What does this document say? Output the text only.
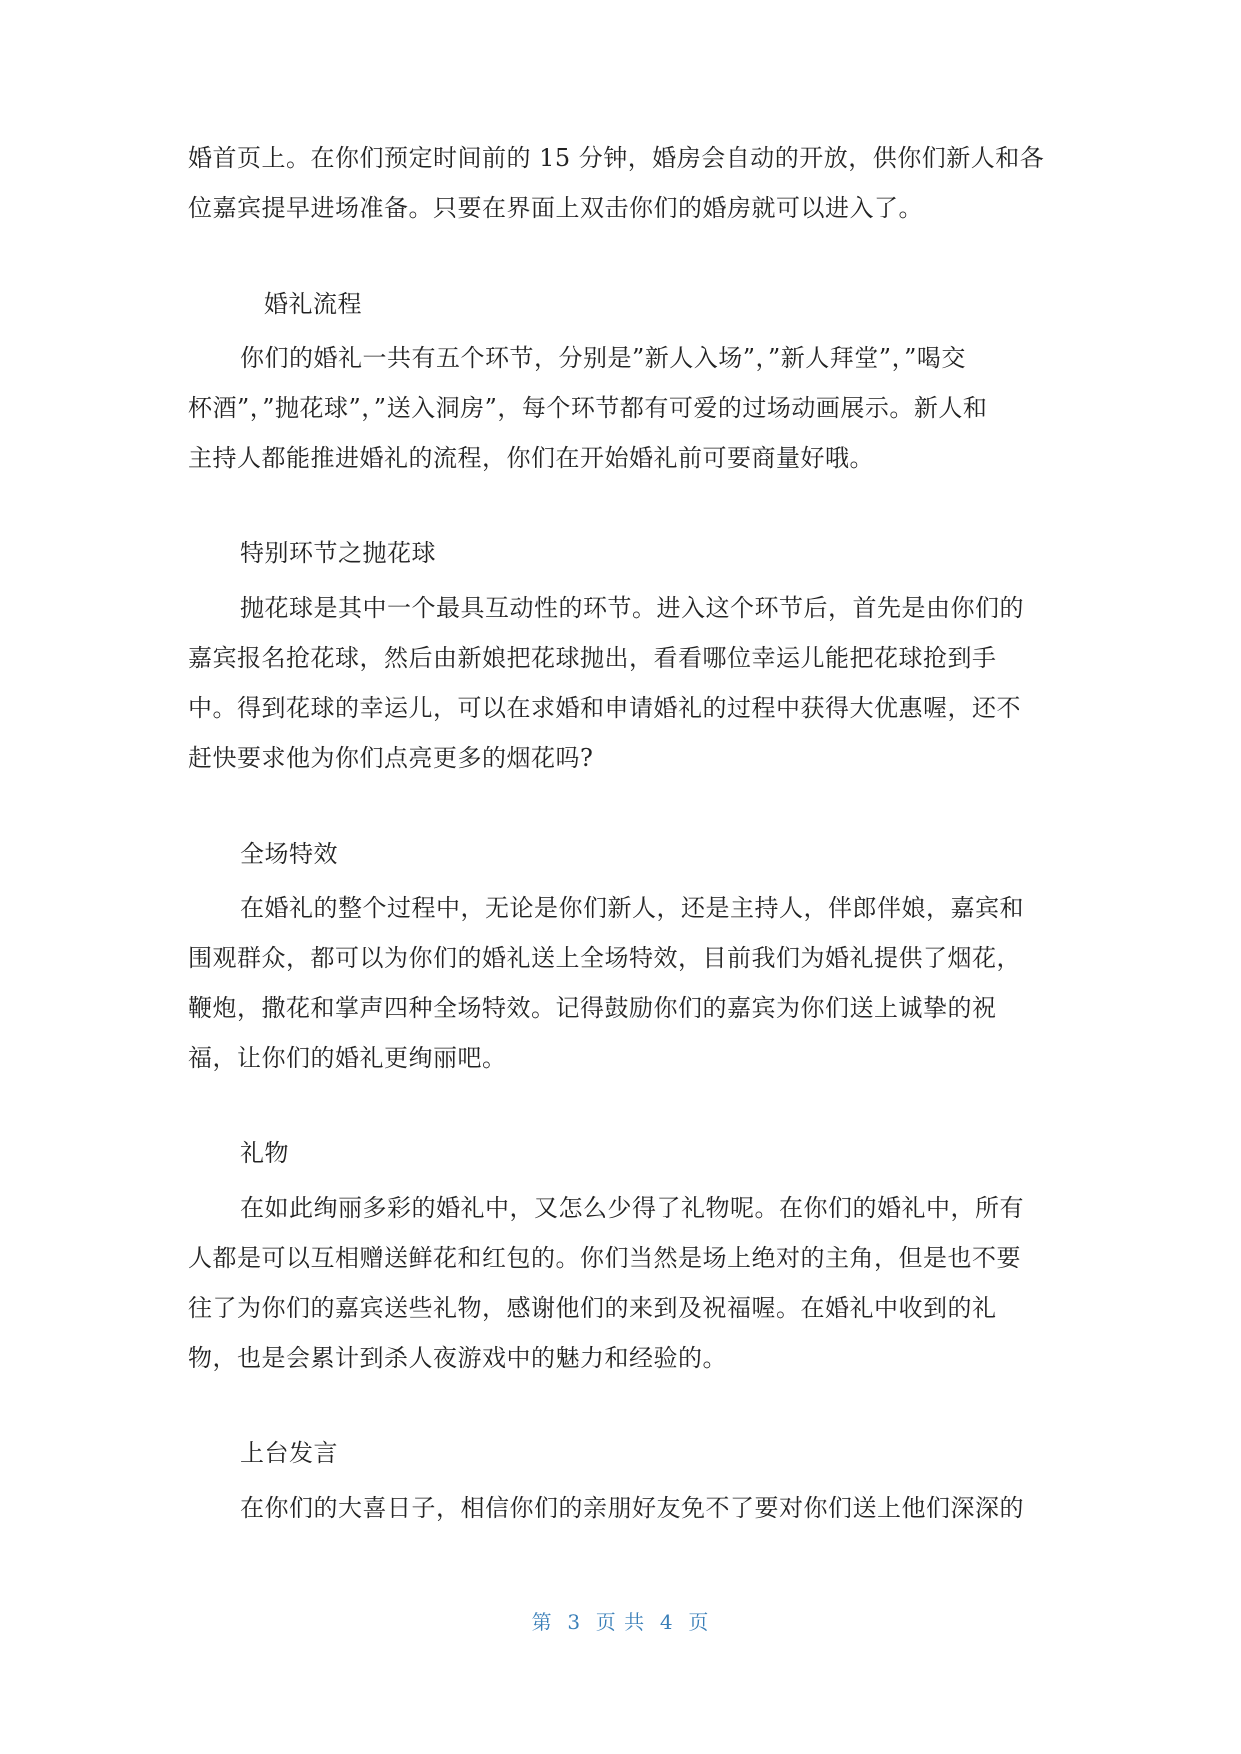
婚首页上。在你们预定时间前的 15 分钟，婚房会自动的开放，供你们新人和各
位嘉宾提早进场准备。只要在界面上双击你们的婚房就可以进入了。
婚礼流程
你们的婚礼一共有五个环节，分别是”新人入场”，”新人拜堂”，”喝交
杯酒”，”抛花球”，”送入洞房”，每个环节都有可爱的过场动画展示。新人和
主持人都能推进婚礼的流程，你们在开始婚礼前可要商量好哦。
特别环节之抛花球
抛花球是其中一个最具互动性的环节。进入这个环节后，首先是由你们的
嘉宾报名抢花球，然后由新娘把花球抛出，看看哪位幸运儿能把花球抢到手
中。得到花球的幸运儿，可以在求婚和申请婚礼的过程中获得大优惠喔，还不
赶快要求他为你们点亮更多的烟花吗?
全场特效
在婚礼的整个过程中，无论是你们新人，还是主持人，伴郎伴娘，嘉宾和
围观群众，都可以为你们的婚礼送上全场特效，目前我们为婚礼提供了烟花，
鞭炮，撒花和掌声四种全场特效。记得鼓励你们的嘉宾为你们送上诚挚的祝
福，让你们的婚礼更绚丽吧。
礼物
在如此绚丽多彩的婚礼中，又怎么少得了礼物呢。在你们的婚礼中，所有
人都是可以互相赠送鲜花和红包的。你们当然是场上绝对的主角，但是也不要
往了为你们的嘉宾送些礼物，感谢他们的来到及祝福喔。在婚礼中收到的礼
物，也是会累计到杀人夜游戏中的魅力和经验的。
上台发言
在你们的大喜日子，相信你们的亲朋好友免不了要对你们送上他们深深的
第  3  页 共  4  页
